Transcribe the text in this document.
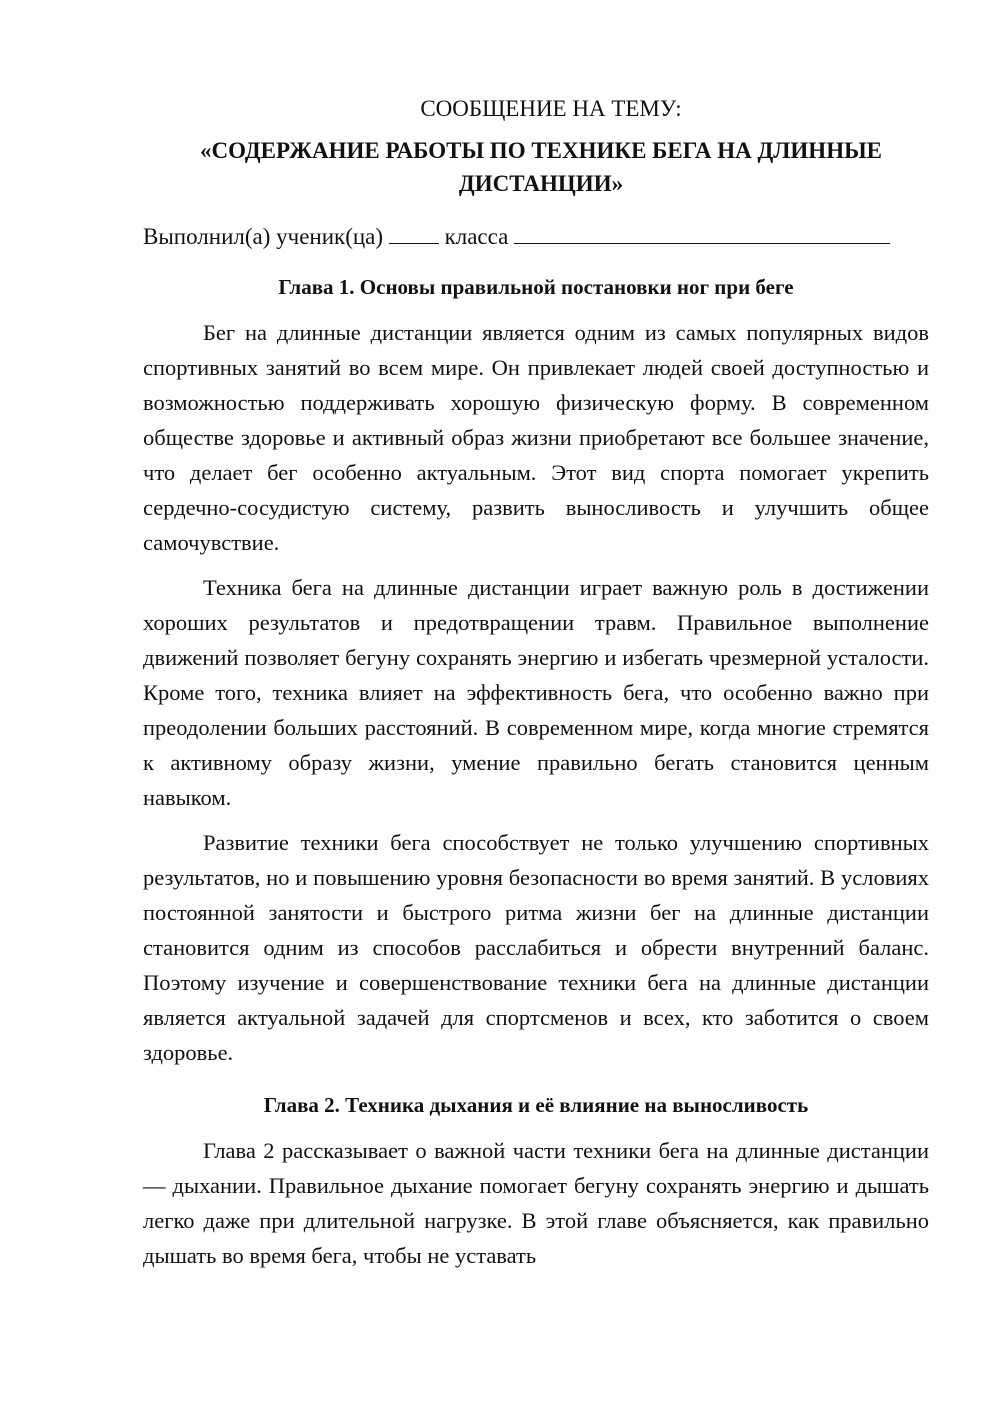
СООБЩЕНИЕ НА ТЕМУ:

«СОДЕРЖАНИЕ РАБОТЫ ПО ТЕХНИКЕ БЕГА НА ДЛИННЫЕ ДИСТАНЦИИ»

Выполнил(а) ученик(ца)  класса

Глава 1. Основы правильной постановки ног при беге

Бег на длинные дистанции является одним из самых популярных видов спортивных занятий во всем мире. Он привлекает людей своей доступностью и возможностью поддерживать хорошую физическую форму. В современном обществе здоровье и активный образ жизни приобретают все большее значение, что делает бег особенно актуальным. Этот вид спорта помогает укрепить сердечно-сосудистую систему, развить выносливость и улучшить общее самочувствие.

Техника бега на длинные дистанции играет важную роль в достижении хороших результатов и предотвращении травм. Правильное выполнение движений позволяет бегуну сохранять энергию и избегать чрезмерной усталости. Кроме того, техника влияет на эффективность бега, что особенно важно при преодолении больших расстояний. В современном мире, когда многие стремятся к активному образу жизни, умение правильно бегать становится ценным навыком.

Развитие техники бега способствует не только улучшению спортивных результатов, но и повышению уровня безопасности во время занятий. В условиях постоянной занятости и быстрого ритма жизни бег на длинные дистанции становится одним из способов расслабиться и обрести внутренний баланс. Поэтому изучение и совершенствование техники бега на длинные дистанции является актуальной задачей для спортсменов и всех, кто заботится о своем здоровье.

Глава 2. Техника дыхания и её влияние на выносливость

Глава 2 рассказывает о важной части техники бега на длинные дистанции — дыхании. Правильное дыхание помогает бегуну сохранять энергию и дышать легко даже при длительной нагрузке. В этой главе объясняется, как правильно дышать во время бега, чтобы не уставать
